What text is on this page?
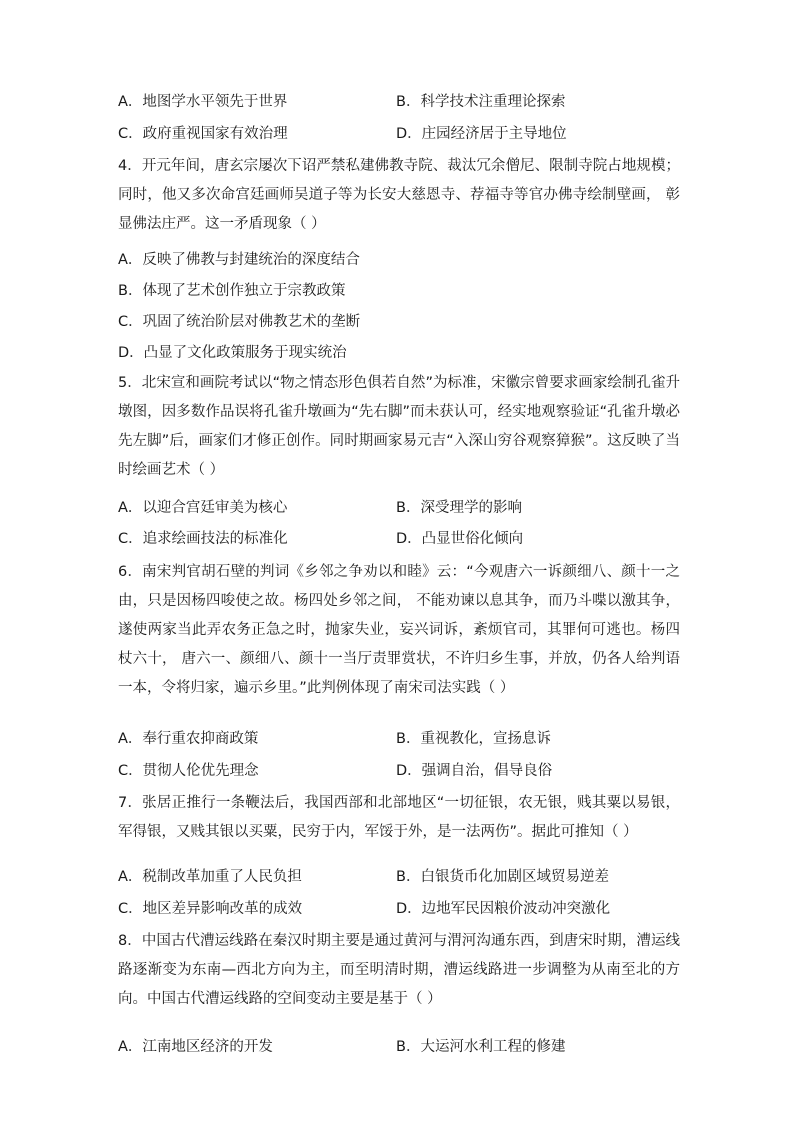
A．地图学水平领先于世界	B．科学技术注重理论探索
C．政府重视国家有效治理	D．庄园经济居于主导地位
4．开元年间，唐玄宗屡次下诏严禁私建佛教寺院、裁汰冗余僧尼、限制寺院占地规模；同时，他又多次命宫廷画师吴道子等为长安大慈恩寺、荐福寺等官办佛寺绘制壁画， 彰显佛法庄严。这一矛盾现象（ ）
A．反映了佛教与封建统治的深度结合
B．体现了艺术创作独立于宗教政策
C．巩固了统治阶层对佛教艺术的垄断
D．凸显了文化政策服务于现实统治
5．北宋宣和画院考试以“物之情态形色俱若自然”为标准，宋徽宗曾要求画家绘制孔雀升墩图，因多数作品误将孔雀升墩画为“先右脚”而未获认可，经实地观察验证“孔雀升墩必先左脚”后，画家们才修正创作。同时期画家易元吉“入深山穷谷观察獐猴”。这反映了当时绘画艺术（ ）
A．以迎合宫廷审美为核心	B．深受理学的影响
C．追求绘画技法的标准化	D．凸显世俗化倾向
6．南宋判官胡石壁的判词《乡邻之争劝以和睦》云：“今观唐六一诉颜细八、颜十一之由，只是因杨四唆使之故。杨四处乡邻之间， 不能劝谏以息其争，而乃斗喋以激其争，遂使两家当此弄农务正急之时，抛家失业，妄兴词诉，紊烦官司，其罪何可逃也。杨四杖六十， 唐六一、颜细八、颜十一当厅责罪赏状，不许归乡生事，并放，仍各人给判语一本，令将归家，遍示乡里。”此判例体现了南宋司法实践（ ）
A．奉行重农抑商政策	B．重视教化，宣扬息诉
C．贯彻人伦优先理念	D．强调自治，倡导良俗
7．张居正推行一条鞭法后，我国西部和北部地区“一切征银，农无银，贱其粟以易银，军得银，又贱其银以买粟，民穷于内，军馁于外，是一法两伤”。据此可推知（ ）
A．税制改革加重了人民负担	B．白银货币化加剧区域贸易逆差
C．地区差异影响改革的成效	D．边地军民因粮价波动冲突激化
8．中国古代漕运线路在秦汉时期主要是通过黄河与渭河沟通东西，到唐宋时期，漕运线路逐渐变为东南—西北方向为主，而至明清时期，漕运线路进一步调整为从南至北的方向。中国古代漕运线路的空间变动主要是基于（ ）
A．江南地区经济的开发	B．大运河水利工程的修建
